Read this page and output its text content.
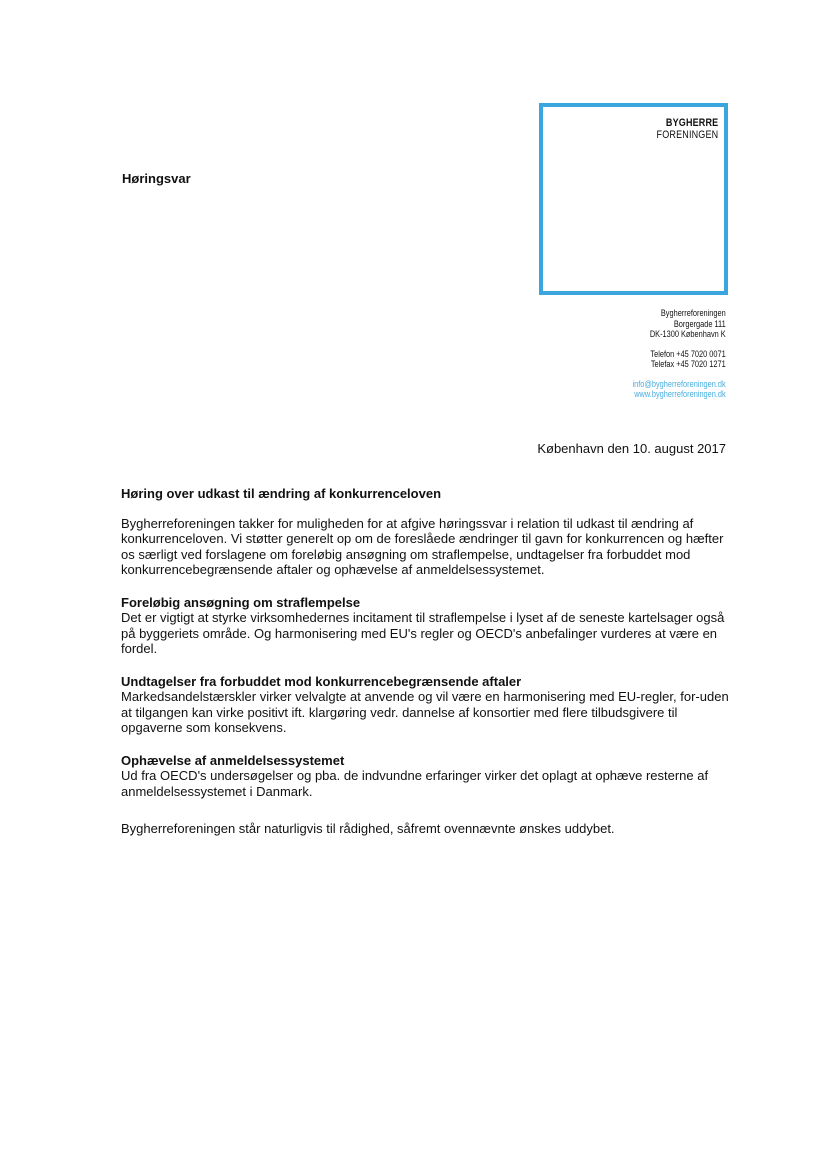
Høringsvar
BYGHERRE
FORENINGEN
Bygherreforeningen
Borgergade 111
DK-1300 København K
Telefon +45 7020 0071
Telefax +45 7020 1271
info@bygherreforeningen.dk
www.bygherreforeningen.dk
København den 10. august 2017

Høring over udkast til ændring af konkurrenceloven

Bygherreforeningen takker for muligheden for at afgive høringssvar i relation til udkast til ændring af konkurrenceloven. Vi støtter generelt op om de foreslåede ændringer til gavn for konkurrencen og hæfter os særligt ved forslagene om foreløbig ansøgning om straflempelse, undtagelser fra forbuddet mod konkurrencebegrænsende aftaler og ophævelse af anmeldelsessystemet.

Foreløbig ansøgning om straflempelse

Det er vigtigt at styrke virksomhedernes incitament til straflempelse i lyset af de seneste kartelsager også på byggeriets område. Og harmonisering med EU's regler og OECD's anbefalinger vurderes at være en fordel.

Undtagelser fra forbuddet mod konkurrencebegrænsende aftaler

Markedsandelstærskler virker velvalgte at anvende og vil være en harmonisering med EU-regler, for-uden at tilgangen kan virke positivt ift. klargøring vedr. dannelse af konsortier med flere tilbudsgivere til opgaverne som konsekvens.

Ophævelse af anmeldelsessystemet

Ud fra OECD's undersøgelser og pba. de indvundne erfaringer virker det oplagt at ophæve resterne af anmeldelsessystemet i Danmark.

Bygherreforeningen står naturligvis til rådighed, såfremt ovennævnte ønskes uddybet.
